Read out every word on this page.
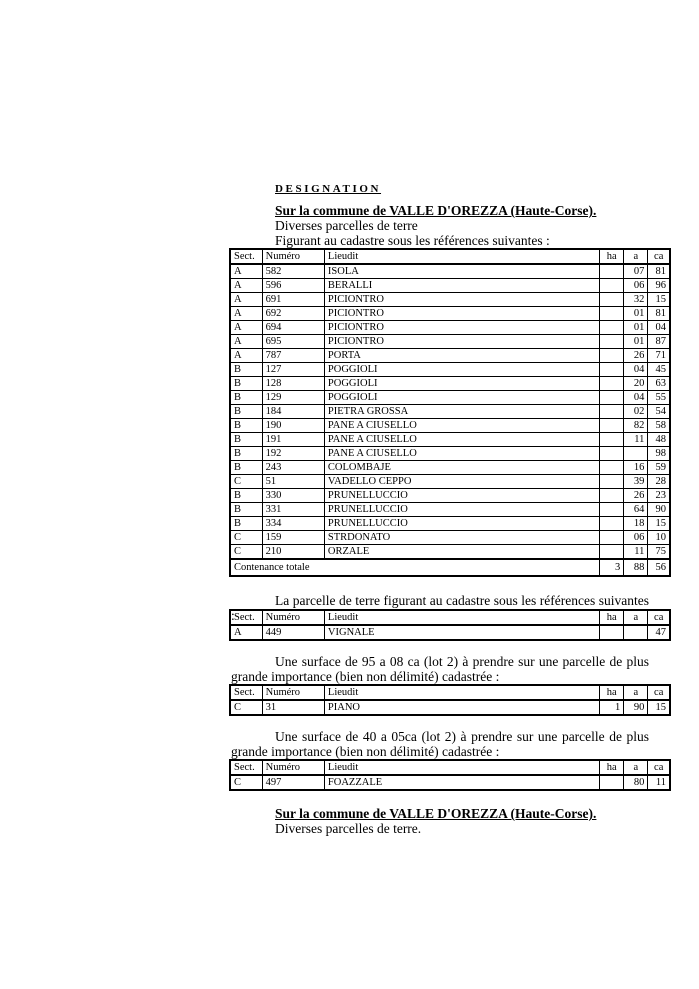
DESIGNATION
Sur la commune de VALLE D'OREZZA (Haute-Corse).
Diverses parcelles de terre
Figurant au cadastre sous les références suivantes :
Sect.	Numéro	Lieudit	ha	a	ca
A	582	ISOLA		07	81
A	596	BERALLI		06	96
A	691	PICIONTRO		32	15
A	692	PICIONTRO		01	81
A	694	PICIONTRO		01	04
A	695	PICIONTRO		01	87
A	787	PORTA		26	71
B	127	POGGIOLI		04	45
B	128	POGGIOLI		20	63
B	129	POGGIOLI		04	55
B	184	PIETRA GROSSA		02	54
B	190	PANE A CIUSELLO		82	58
B	191	PANE A CIUSELLO		11	48
B	192	PANE A CIUSELLO			98
B	243	COLOMBAJE		16	59
C	51	VADELLO CEPPO		39	28
B	330	PRUNELLUCCIO		26	23
B	331	PRUNELLUCCIO		64	90
B	334	PRUNELLUCCIO		18	15
C	159	STRDONATO		06	10
C	210	ORZALE		11	75
Contenance totale			3	88	56
La parcelle de terre figurant au cadastre sous les références suivantes : Sect.	Numéro	Lieudit	ha	a	ca
A	449	VIGNALE			47
Une surface de 95 a 08 ca (lot 2) à prendre sur une parcelle de plus grande importance (bien non délimité) cadastrée :
Sect.	Numéro	Lieudit	ha	a	ca
C	31	PIANO	1	90	15
Une surface de 40 a 05ca (lot 2) à prendre sur une parcelle de plus grande importance (bien non délimité) cadastrée :
Sect.	Numéro	Lieudit	ha	a	ca
C	497	FOAZZALE		80	11
Sur la commune de VALLE D'OREZZA (Haute-Corse).
Diverses parcelles de terre.
